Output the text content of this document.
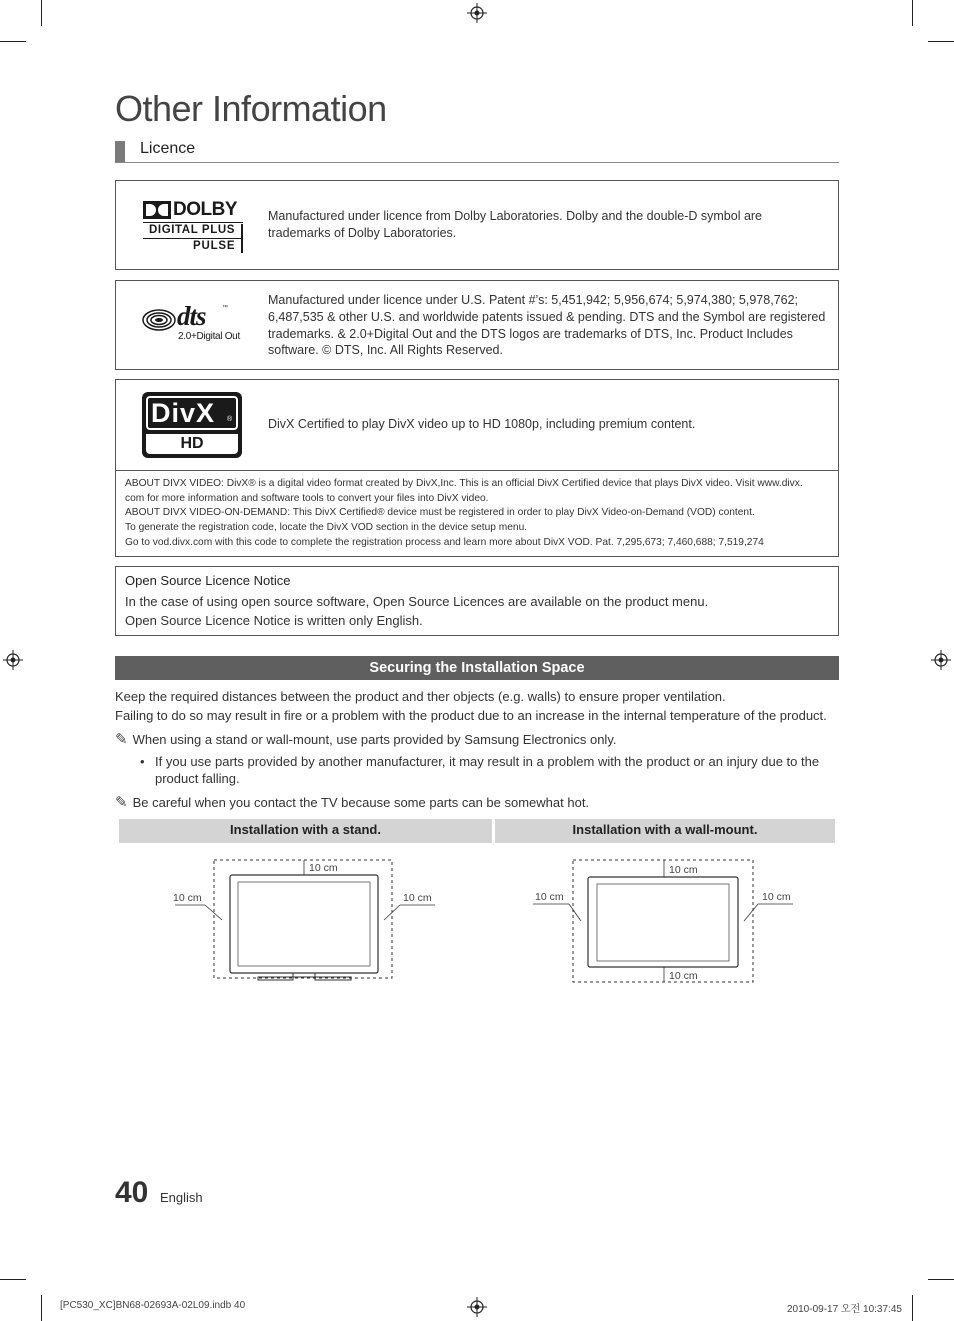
Other Information
Licence
DOLBY
DIGITAL PLUS
PULSE
Manufactured under licence from Dolby Laboratories. Dolby and the double-D symbol are trademarks of Dolby Laboratories.
dts	™
2.0+Digital Out
Manufactured under licence under U.S. Patent #’s: 5,451,942; 5,956,674; 5,974,380; 5,978,762; 6,487,535 & other U.S. and worldwide patents issued & pending. DTS and the Symbol are registered trademarks. & 2.0+Digital Out and the DTS logos are trademarks of DTS, Inc. Product Includes software. © DTS, Inc. All Rights Reserved.
DivX ®
HD
DivX Certified to play DivX video up to HD 1080p, including premium content.
ABOUT DIVX VIDEO: DivX® is a digital video format created by DivX,Inc. This is an official DivX Certified device that plays DivX video. Visit www.divx.
com for more information and software tools to convert your files into DivX video.
ABOUT DIVX VIDEO-ON-DEMAND: This DivX Certified® device must be registered in order to play DivX Video-on-Demand (VOD) content.
To generate the registration code, locate the DivX VOD section in the device setup menu.
Go to vod.divx.com with this code to complete the registration process and learn more about DivX VOD. Pat. 7,295,673; 7,460,688; 7,519,274
Open Source Licence Notice
In the case of using open source software, Open Source Licences are available on the product menu.
Open Source Licence Notice is written only English.
Securing the Installation Space
Keep the required distances between the product and ther objects (e.g. walls) to ensure proper ventilation.
Failing to do so may result in fire or a problem with the product due to an increase in the internal temperature of the product.
✎ When using a stand or wall-mount, use parts provided by Samsung Electronics only.
• If you use parts provided by another manufacturer, it may result in a problem with the product or an injury due to the product falling.
✎ Be careful when you contact the TV because some parts can be somewhat hot.
Installation with a stand.	Installation with a wall-mount.
10 cm
10 cm	10 cm
10 cm
10 cm
10 cm	10 cm
40 English
[PC530_XC]BN68-02693A-02L09.indb 40	2010-09-17 오전 10:37:45
